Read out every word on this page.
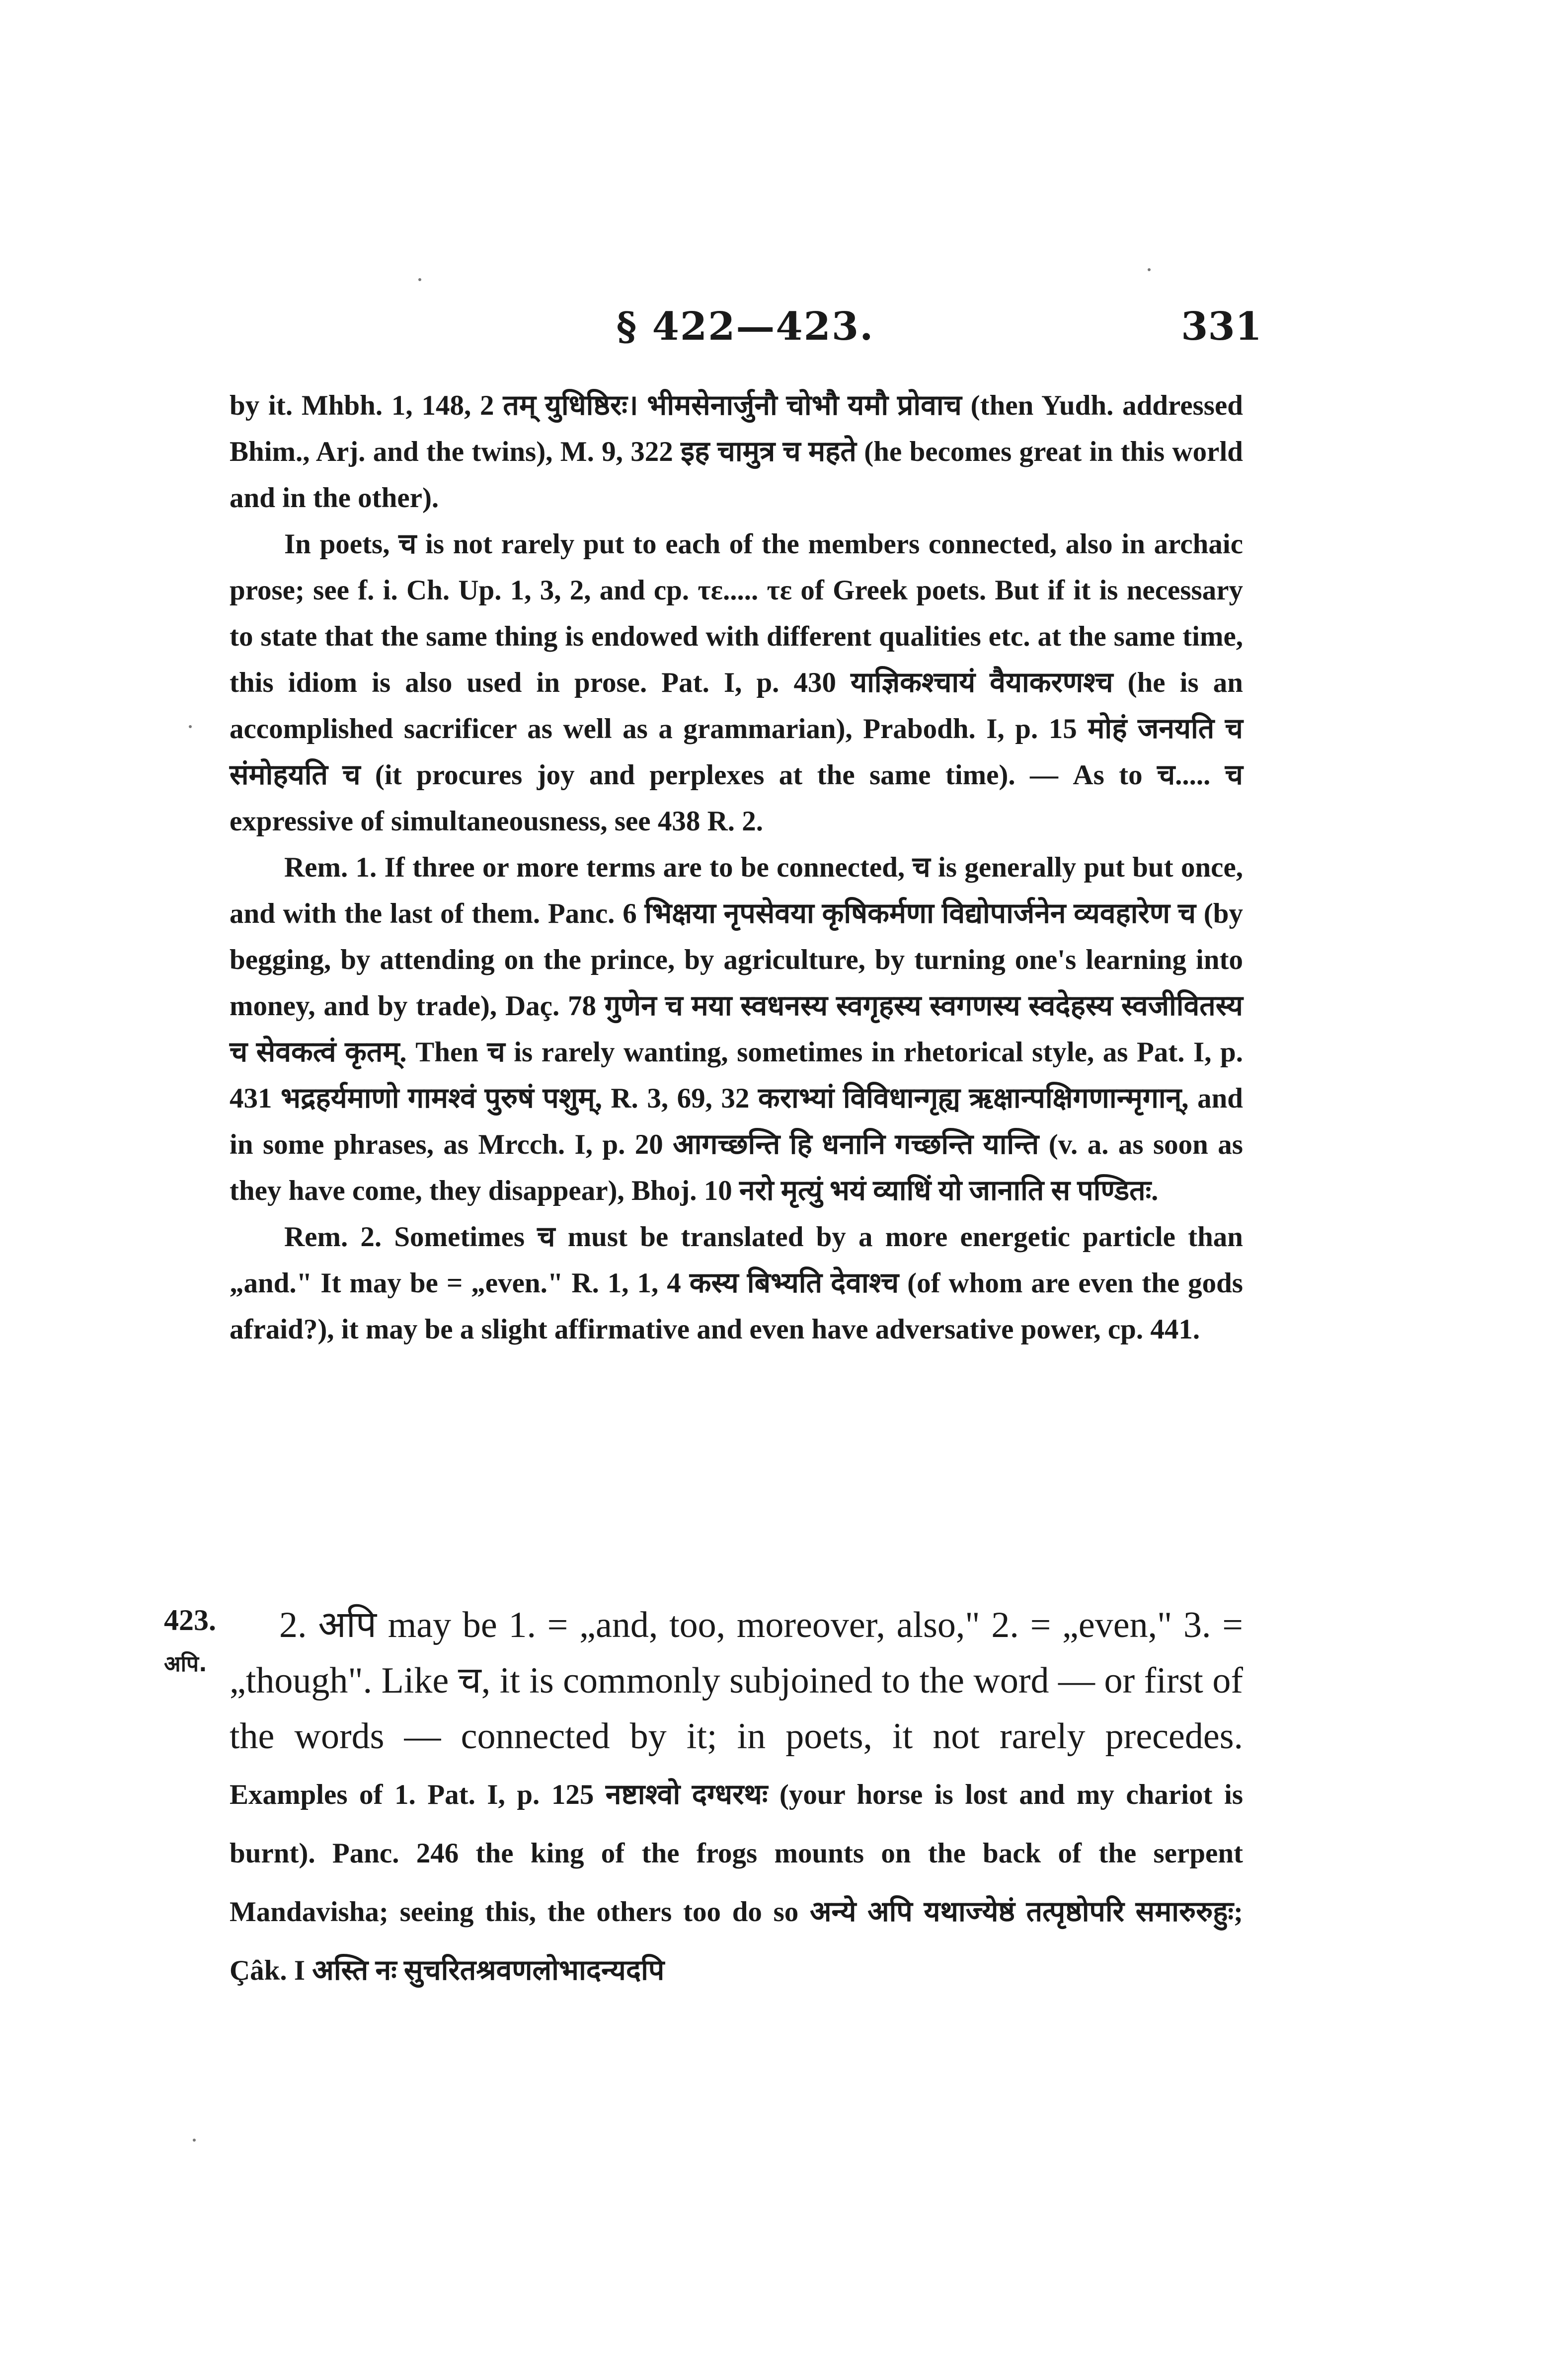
§ 422—423.	331

by it. Mhbh. 1, 148, 2 तम् युधिष्ठिरः। भीमसेनार्जुनौ चोभौ यमौ प्रोवाच (then Yudh. addressed Bhim., Arj. and the twins), M. 9, 322 इह चामुत्र च महते (he becomes great in this world and in the other).

In poets, च is not rarely put to each of the members connected, also in archaic prose; see f. i. Ch. Up. 1, 3, 2, and cp. τε..... τε of Greek poets. But if it is necessary to state that the same thing is endowed with different qualities etc. at the same time, this idiom is also used in prose. Pat. I, p. 430 याज्ञिकश्चायं वैयाकरणश्च (he is an accomplished sacrificer as well as a grammarian), Prabodh. I, p. 15 मोहं जनयति च संमोहयति च (it procures joy and perplexes at the same time). — As to च..... च expressive of simultaneousness, see 438 R. 2.

Rem. 1. If three or more terms are to be connected, च is generally put but once, and with the last of them. Panc. 6 भिक्षया नृपसेवया कृषिकर्मणा विद्योपार्जनेन व्यवहारेण च (by begging, by attending on the prince, by agriculture, by turning one's learning into money, and by trade), Daç. 78 गुणेन च मया स्वधनस्य स्वगृहस्य स्वगणस्य स्वदेहस्य स्वजीवितस्य च सेवकत्वं कृतम्. Then च is rarely wanting, sometimes in rhetorical style, as Pat. I, p. 431 भद्रहर्यमाणो गामश्वं पुरुषं पशुम्, R. 3, 69, 32 कराभ्यां विविधान्गृह्य ऋक्षान्पक्षिगणान्मृगान्, and in some phrases, as Mrcch. I, p. 20 आगच्छन्ति हि धनानि गच्छन्ति यान्ति (v. a. as soon as they have come, they disappear), Bhoj. 10 नरो मृत्युं भयं व्याधिं यो जानाति स पण्डितः.

Rem. 2. Sometimes च must be translated by a more energetic particle than „and." It may be = „even." R. 1, 1, 4 कस्य बिभ्यति देवाश्च (of whom are even the gods afraid?), it may be a slight affirmative and even have adversative power, cp. 441.

423.
अपि.

2. अपि may be 1. = „and, too, moreover, also," 2. = „even," 3. = „though". Like च, it is commonly subjoined to the word — or first of the words — connected by it; in poets, it not rarely precedes. Examples of 1. Pat. I, p. 125 नष्टाश्वो दग्धरथः (your horse is lost and my chariot is burnt). Panc. 246 the king of the frogs mounts on the back of the serpent Mandavisha; seeing this, the others too do so अन्ये अपि यथाज्येष्ठं तत्पृष्ठोपरि समारुरुहुः; Çâk. I अस्ति नः सुचरितश्रवणलोभादन्यदपि
